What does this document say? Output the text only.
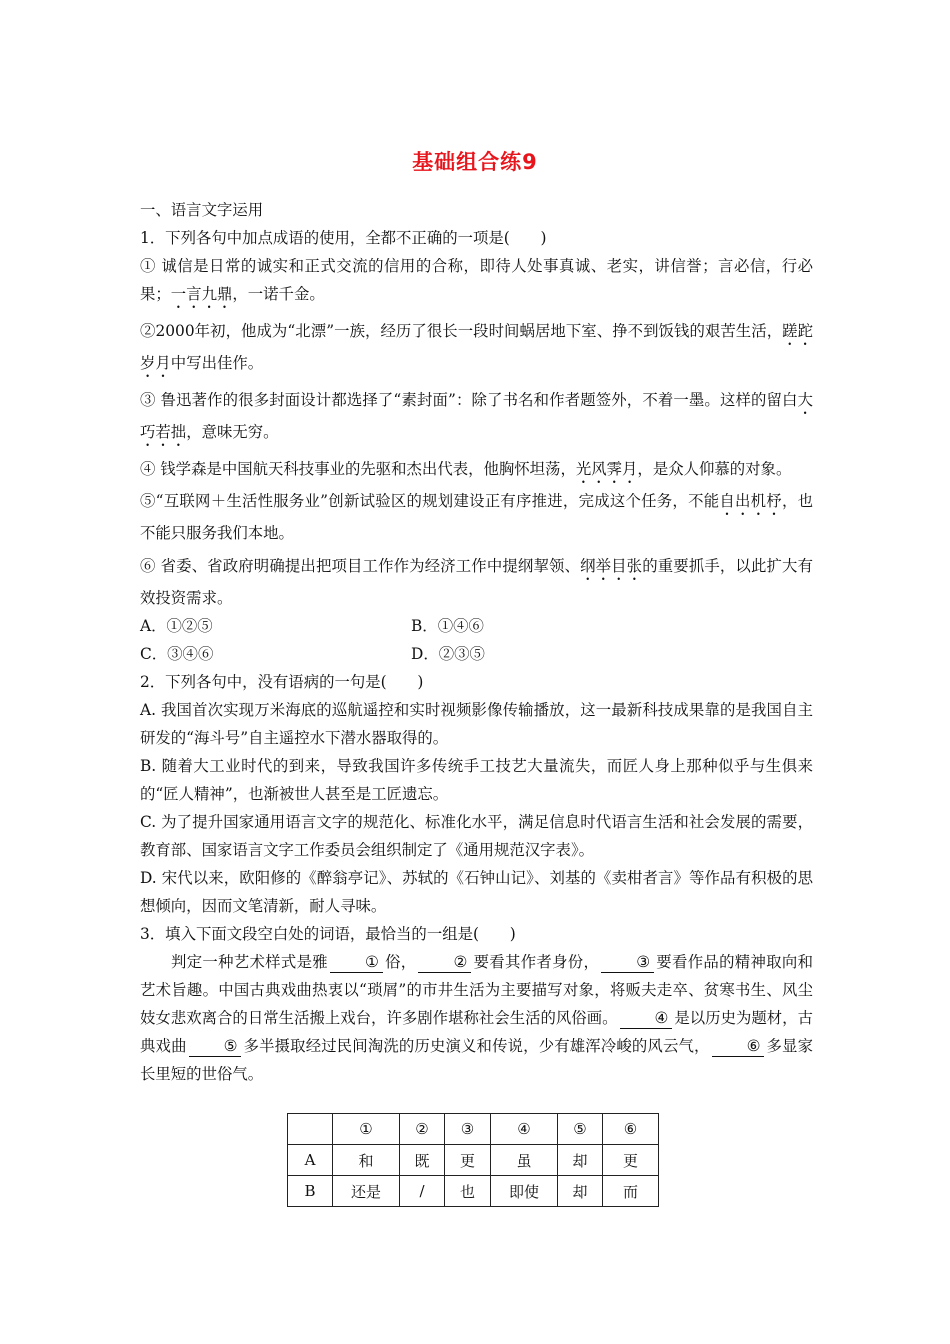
基础组合练9

一、语言文字运用

1．下列各句中加点成语的使用，全都不正确的一项是(　　)

① 诚信是日常的诚实和正式交流的信用的合称，即待人处事真诚、老实，讲信誉；言必信，行必果；一言九鼎，一诺千金。

②2000年初，他成为“北漂”一族，经历了很长一段时间蜗居地下室、挣不到饭钱的艰苦生活，蹉跎岁月中写出佳作。

③ 鲁迅著作的很多封面设计都选择了“素封面”：除了书名和作者题签外，不着一墨。这样的留白大巧若拙，意味无穷。

④ 钱学森是中国航天科技事业的先驱和杰出代表，他胸怀坦荡，光风霁月，是众人仰慕的对象。

⑤“互联网＋生活性服务业”创新试验区的规划建设正有序推进，完成这个任务，不能自出机杼，也不能只服务我们本地。

⑥ 省委、省政府明确提出把项目工作作为经济工作中提纲挈领、纲举目张的重要抓手，以此扩大有效投资需求。

A．①②⑤	B．①④⑥
C．③④⑥	D．②③⑤

2．下列各句中，没有语病的一句是(　　)

A. 我国首次实现万米海底的巡航遥控和实时视频影像传输播放，这一最新科技成果靠的是我国自主研发的“海斗号”自主遥控水下潜水器取得的。

B. 随着大工业时代的到来，导致我国许多传统手工技艺大量流失，而匠人身上那种似乎与生俱来的“匠人精神”，也渐被世人甚至是工匠遗忘。

C. 为了提升国家通用语言文字的规范化、标准化水平，满足信息时代语言生活和社会发展的需要，教育部、国家语言文字工作委员会组织制定了《通用规范汉字表》。

D. 宋代以来，欧阳修的《醉翁亭记》、苏轼的《石钟山记》、刘基的《卖柑者言》等作品有积极的思想倾向，因而文笔清新，耐人寻味。

3．填入下面文段空白处的词语，最恰当的一组是(　　)

判定一种艺术样式是雅 ① 俗， ② 要看其作者身份， ③ 要看作品的精神取向和艺术旨趣。中国古典戏曲热衷以“琐屑”的市井生活为主要描写对象，将贩夫走卒、贫寒书生、风尘妓女悲欢离合的日常生活搬上戏台，许多剧作堪称社会生活的风俗画。 ④ 是以历史为题材，古典戏曲 ⑤ 多半摄取经过民间淘洗的历史演义和传说，少有雄浑冷峻的风云气， ⑥ 多显家长里短的世俗气。

	①	②	③	④	⑤	⑥
A	和	既	更	虽	却	更
B	还是	/	也	即使	却	而
